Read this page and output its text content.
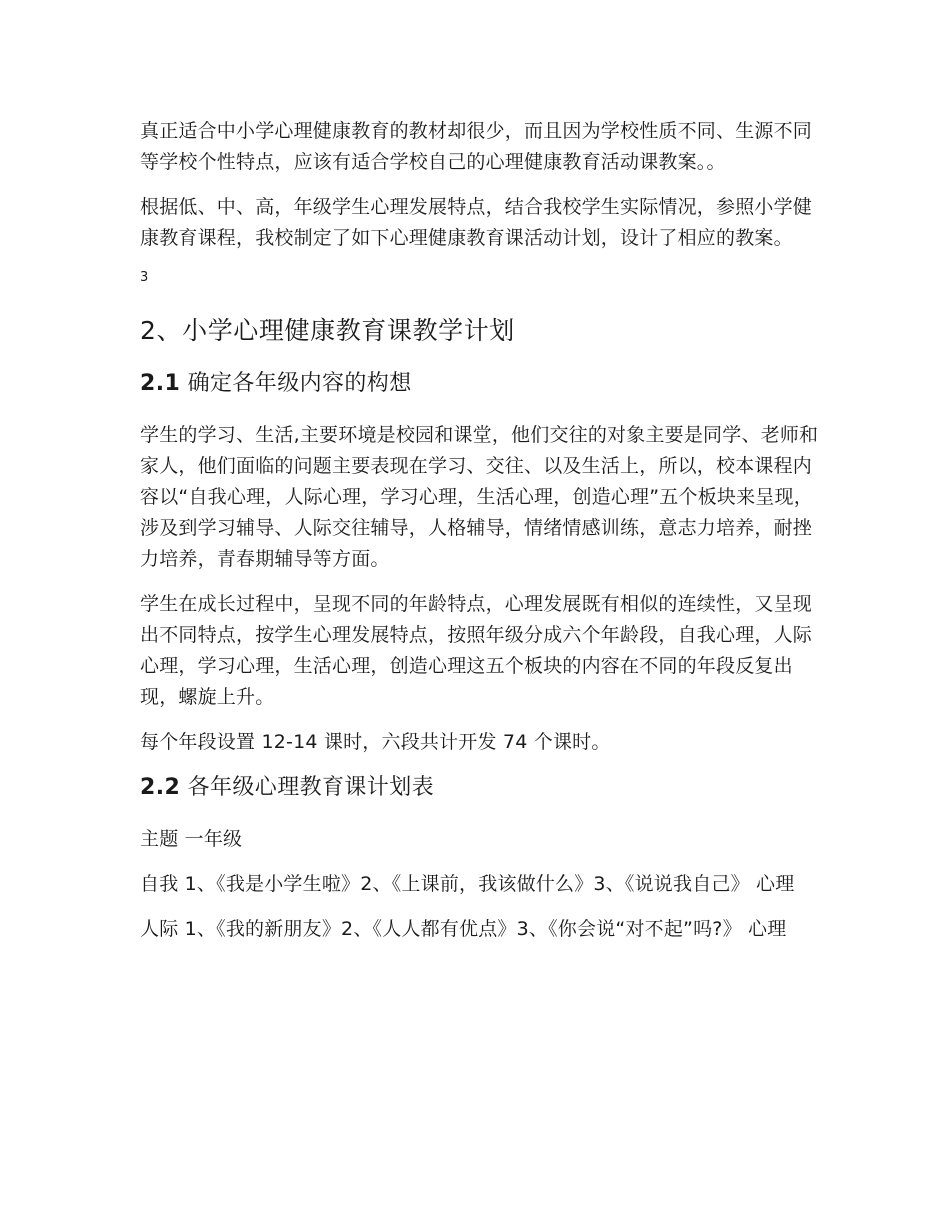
真正适合中小学心理健康教育的教材却很少，而且因为学校性质不同、生源不同等学校个性特点，应该有适合学校自己的心理健康教育活动课教案。。

根据低、中、高，年级学生心理发展特点，结合我校学生实际情况，参照小学健康教育课程，我校制定了如下心理健康教育课活动计划，设计了相应的教案。

3
2、小学心理健康教育课教学计划
2.1 确定各年级内容的构想

学生的学习、生活,主要环境是校园和课堂，他们交往的对象主要是同学、老师和家人，他们面临的问题主要表现在学习、交往、以及生活上，所以，校本课程内容以“自我心理，人际心理，学习心理，生活心理，创造心理”五个板块来呈现，涉及到学习辅导、人际交往辅导，人格辅导，情绪情感训练，意志力培养，耐挫力培养，青春期辅导等方面。

学生在成长过程中，呈现不同的年龄特点，心理发展既有相似的连续性，又呈现出不同特点，按学生心理发展特点，按照年级分成六个年龄段，自我心理，人际心理，学习心理，生活心理，创造心理这五个板块的内容在不同的年段反复出现，螺旋上升。

每个年段设置 12-14 课时，六段共计开发 74 个课时。

2.2 各年级心理教育课计划表
主题 一年级
自我 1、《我是小学生啦》2、《上课前，我该做什么》3、《说说我自己》 心理
人际 1、《我的新朋友》2、《人人都有优点》3、《你会说“对不起”吗?》 心理
